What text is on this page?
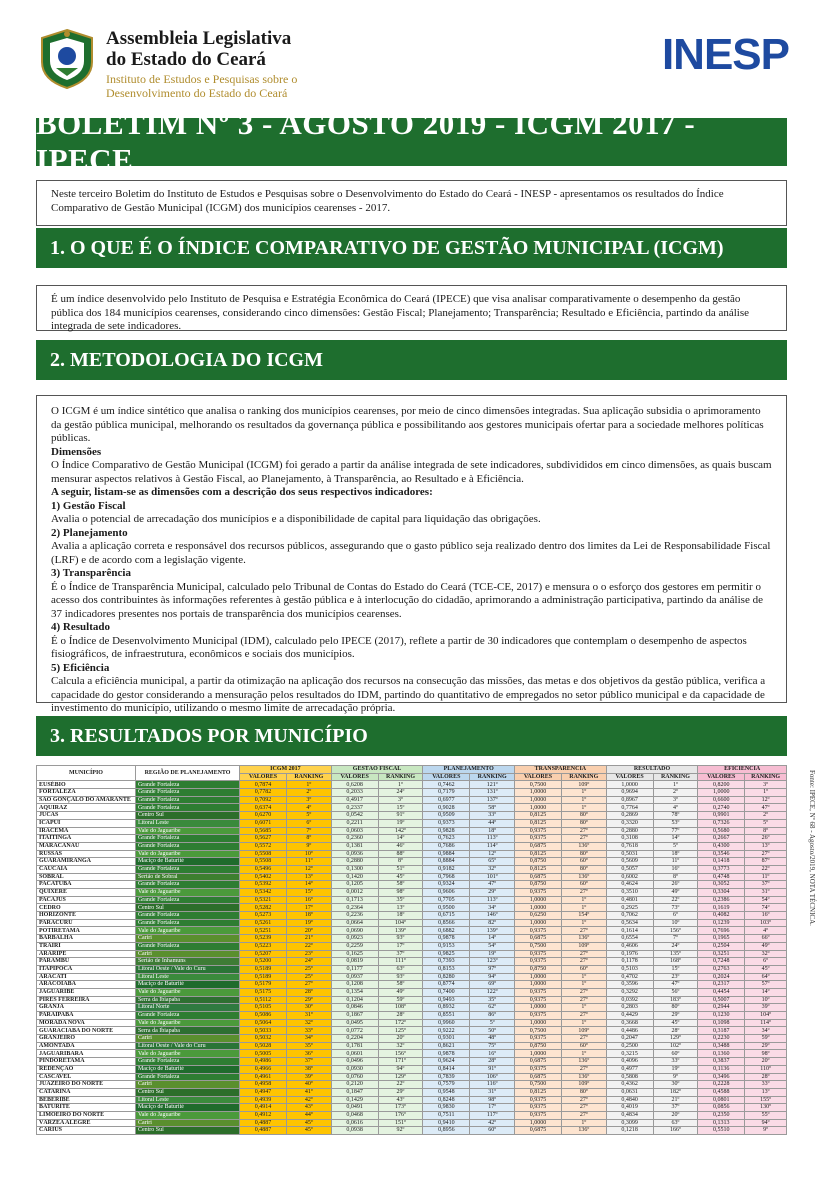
Assembleia Legislativa
do Estado do Ceará
Instituto de Estudos e Pesquisas sobre o
Desenvolvimento do Estado do Ceará
INESP
BOLETIM Nº 3 - AGOSTO 2019 - ICGM 2017 - IPECE

Neste terceiro Boletim do Instituto de Estudos e Pesquisas sobre o Desenvolvimento do Estado do Ceará - INESP - apresentamos os resultados do Índice Comparativo de Gestão Municipal (ICGM) dos municípios cearenses - 2017.

1. O QUE É O ÍNDICE COMPARATIVO DE GESTÃO MUNICIPAL (ICGM)

É um índice desenvolvido pelo Instituto de Pesquisa e Estratégia Econômica do Ceará (IPECE) que visa analisar comparativamente o desempenho da gestão pública dos 184 municípios cearenses, considerando cinco dimensões: Gestão Fiscal; Planejamento; Transparência; Resultado e Eficiência, partindo da análise integrada de sete indicadores.

2. METODOLOGIA DO ICGM

O ICGM é um índice sintético que analisa o ranking dos municípios cearenses, por meio de cinco dimensões integradas. Sua aplicação subsidia o aprimoramento da gestão pública municipal, melhorando os resultados da governança pública e possibilitando aos gestores municipais ofertar para a sociedade melhores políticas públicas.

Dimensões

O Índice Comparativo de Gestão Municipal (ICGM) foi gerado a partir da análise integrada de sete indicadores, subdivididos em cinco dimensões, as quais buscam mensurar aspectos relativos à Gestão Fiscal, ao Planejamento, à Transparência, ao Resultado e à Eficiência.

A seguir, listam-se as dimensões com a descrição dos seus respectivos indicadores:

1) Gestão Fiscal

Avalia o potencial de arrecadação dos municípios e a disponibilidade de capital para liquidação das obrigações.

2) Planejamento

Avalia a aplicação correta e responsável dos recursos públicos, assegurando que o gasto público seja realizado dentro dos limites da Lei de Responsabilidade Fiscal (LRF) e de acordo com a legislação vigente.

3) Transparência

É o Índice de Transparência Municipal, calculado pelo Tribunal de Contas do Estado do Ceará (TCE-CE, 2017) e mensura o o esforço dos gestores em permitir o acesso dos contribuintes às informações referentes à gestão pública e à interlocução do cidadão, aprimorando a administração participativa, partindo da análise de 37 indicadores presentes nos portais de transparência dos municípios cearenses.

4) Resultado

É o Índice de Desenvolvimento Municipal (IDM), calculado pelo IPECE (2017), reflete a partir de 30 indicadores que contemplam o desempenho de aspectos fisiográficos, de infraestrutura, econômicos e sociais dos municípios.

5) Eficiência

Calcula a eficiência municipal, a partir da otimização na aplicação dos recursos na consecução das missões, das metas e dos objetivos da gestão pública, verifica a capacidade do gestor considerando a mensuração pelos resultados do IDM, partindo do quantitativo de empregados no setor público municipal e da capacidade de investimento do município, utilizando o mesmo limite de arrecadação própria.

3. RESULTADOS POR MUNICÍPIO
MUNICÍPIO	REGIÃO DE PLANEJAMENTO	ICGM 2017		GESTÃO FISCAL		PLANEJAMENTO		TRANSPARÊNCIA		RESULTADO		EFICIÊNCIA	
		VALORES	RANKING	VALORES	RANKING	VALORES	RANKING	VALORES	RANKING	VALORES	RANKING	VALORES	RANKING
EUSÉBIO	Grande Fortaleza	0,7874	1º	0,6208	1º	0,7462	121º	0,7500	109º	1,0000	1º	0,8200	3º
FORTALEZA	Grande Fortaleza	0,7782	2º	0,2033	24º	0,7179	131º	1,0000	1º	0,9694	2º	1,0000	1º
SÃO GONÇALO DO AMARANTE	Grande Fortaleza	0,7092	3º	0,4917	3º	0,6977	137º	1,0000	1º	0,8967	3º	0,6600	12º
AQUIRAZ	Grande Fortaleza	0,6374	4º	0,2337	15º	0,9028	58º	1,0000	1º	0,7764	4º	0,2740	47º
JUCÁS	Centro Sul	0,6270	5º	0,0542	91º	0,9509	33º	0,8125	80º	0,2869	78º	0,9901	2º
ICAPUÍ	Litoral Leste	0,6071	6º	0,2211	19º	0,9373	44º	0,8125	80º	0,3320	53º	0,7326	5º
IRACEMA	Vale do Jaguaribe	0,5685	7º	0,0603	142º	0,9828	18º	0,9375	27º	0,2880	77º	0,5680	8º
ITAITINGA	Grande Fortaleza	0,5627	8º	0,2360	14º	0,7623	113º	0,9375	27º	0,3108	14º	0,2667	26º
MARACANAÚ	Grande Fortaleza	0,5572	9º	0,1381	46º	0,7686	114º	0,6875	136º	0,7618	5º	0,4300	13º
RUSSAS	Vale do Jaguaribe	0,5508	10º	0,0936	88º	0,9884	12º	0,8125	80º	0,5031	18º	0,3546	27º
GUARAMIRANGA	Maciço de Baturité	0,5508	11º	0,2880	8º	0,8884	65º	0,8750	60º	0,5609	11º	0,1418	87º
CAUCAIA	Grande Fortaleza	0,5496	12º	0,1300	51º	0,9182	32º	0,8125	80º	0,5057	16º	0,3773	22º
SOBRAL	Sertão de Sobral	0,5402	13º	0,1420	45º	0,7968	101º	0,6875	136º	0,6002	8º	0,4748	11º
PACATUBA	Grande Fortaleza	0,5392	14º	0,1205	58º	0,9324	47º	0,8750	60º	0,4624	26º	0,3052	37º
QUIXERÉ	Vale do Jaguaribe	0,5342	15º	0,0012	98º	0,9606	29º	0,9375	27º	0,3510	49º	0,3304	31º
PACAJUS	Grande Fortaleza	0,5321	16º	0,1713	35º	0,7705	113º	1,0000	1º	0,4801	22º	0,2386	54º
CEDRO	Centro Sul	0,5282	17º	0,2364	13º	0,9500	34º	1,0000	1º	0,2925	73º	0,1619	74º
HORIZONTE	Grande Fortaleza	0,5273	18º	0,2236	18º	0,6715	146º	0,6250	154º	0,7062	6º	0,4082	16º
PARACURU	Grande Fortaleza	0,5261	19º	0,0664	104º	0,8566	82º	1,0000	1º	0,5634	10º	0,1239	103º
POTIRETAMA	Vale do Jaguaribe	0,5251	20º	0,0690	139º	0,6882	139º	0,9375	27º	0,1614	156º	0,7696	4º
BARBALHA	Cariri	0,5239	21º	0,0923	93º	0,9878	14º	0,6875	136º	0,6554	7º	0,1965	66º
TRAIRI	Grande Fortaleza	0,5223	22º	0,2259	17º	0,9153	54º	0,7500	109º	0,4606	24º	0,2504	49º
ARARIPE	Cariri	0,5207	23º	0,1625	37º	0,9825	19º	0,9375	27º	0,1976	135º	0,3251	32º
PARAMBU	Sertão de Inhamuns	0,5200	24º	0,0819	111º	0,7393	123º	0,9375	27º	0,1178	168º	0,7248	6º
ITAPIPOCA	Litoral Oeste / Vale do Curu	0,5189	25º	0,1177	63º	0,8153	97º	0,8750	60º	0,5103	15º	0,2763	45º
ARACATI	Litoral Leste	0,5189	25º	0,0937	93º	0,8280	94º	1,0000	1º	0,4702	23º	0,2024	64º
ARACOIABA	Maciço de Baturité	0,5179	27º	0,1208	58º	0,8774	69º	1,0000	1º	0,3596	47º	0,2317	57º
JAGUARIBE	Vale do Jaguaribe	0,5175	28º	0,1354	49º	0,7400	122º	0,9375	27º	0,3292	56º	0,4454	14º
PIRES FERREIRA	Serra da Ibiapaba	0,5112	29º	0,1204	59º	0,9493	35º	0,9375	27º	0,0392	183º	0,5007	10º
GRANJA	Litoral Norte	0,5105	30º	0,0846	108º	0,8932	62º	1,0000	1º	0,2803	80º	0,2944	39º
PARAIPABA	Grande Fortaleza	0,5086	31º	0,1867	28º	0,8551	86º	0,9375	27º	0,4429	29º	0,1230	104º
MORADA NOVA	Vale do Jaguaribe	0,5064	32º	0,0495	172º	0,9960	5º	1,0000	1º	0,3668	45º	0,1098	114º
GUARACIABA DO NORTE	Serra da Ibiapaba	0,5033	33º	0,0772	125º	0,9222	50º	0,7500	109º	0,4486	28º	0,3187	34º
GRANJEIRO	Cariri	0,5032	34º	0,2204	20º	0,9301	48º	0,9375	27º	0,2047	129º	0,2230	59º
AMONTADA	Litoral Oeste / Vale do Curu	0,5028	35º	0,1781	32º	0,8621	75º	0,8750	60º	0,2500	102º	0,3488	29º
JAGUARIBARA	Vale do Jaguaribe	0,5005	36º	0,0601	156º	0,9878	16º	1,0000	1º	0,3215	60º	0,1360	98º
PINDORETAMA	Grande Fortaleza	0,4986	37º	0,0496	171º	0,9624	28º	0,6875	136º	0,4096	33º	0,3837	20º
REDENÇÃO	Maciço de Baturité	0,4966	38º	0,0930	94º	0,8414	91º	0,9375	27º	0,4977	19º	0,1136	110º
CASCAVEL	Grande Fortaleza	0,4961	39º	0,0760	129º	0,7839	106º	0,6875	136º	0,5808	9º	0,3496	28º
JUAZEIRO DO NORTE	Cariri	0,4958	40º	0,2120	22º	0,7579	116º	0,7500	109º	0,4362	30º	0,2228	33º
CATARINA	Centro Sul	0,4947	41º	0,1847	29º	0,9548	31º	0,8125	80º	0,0631	182º	0,4588	13º
BEBERIBE	Litoral Leste	0,4939	42º	0,1429	43º	0,8248	98º	0,9375	27º	0,4840	21º	0,0801	155º
BATURITÉ	Maciço de Baturité	0,4914	43º	0,0491	173º	0,9830	17º	0,9375	27º	0,4019	37º	0,0856	130º
LIMOEIRO DO NORTE	Vale do Jaguaribe	0,4912	44º	0,0468	176º	0,7511	117º	0,9375	27º	0,4834	20º	0,2350	55º
VÁRZEA ALEGRE	Cariri	0,4887	45º	0,0616	151º	0,9410	42º	1,0000	1º	0,3099	63º	0,1313	94º
CARIÚS	Centro Sul	0,4887	45º	0,0938	92º	0,8956	60º	0,6875	136º	0,1218	166º	0,5510	9º
Fonte: IPECE, Nº 68 - Agosto/2019, NOTA TÉCNICA.
